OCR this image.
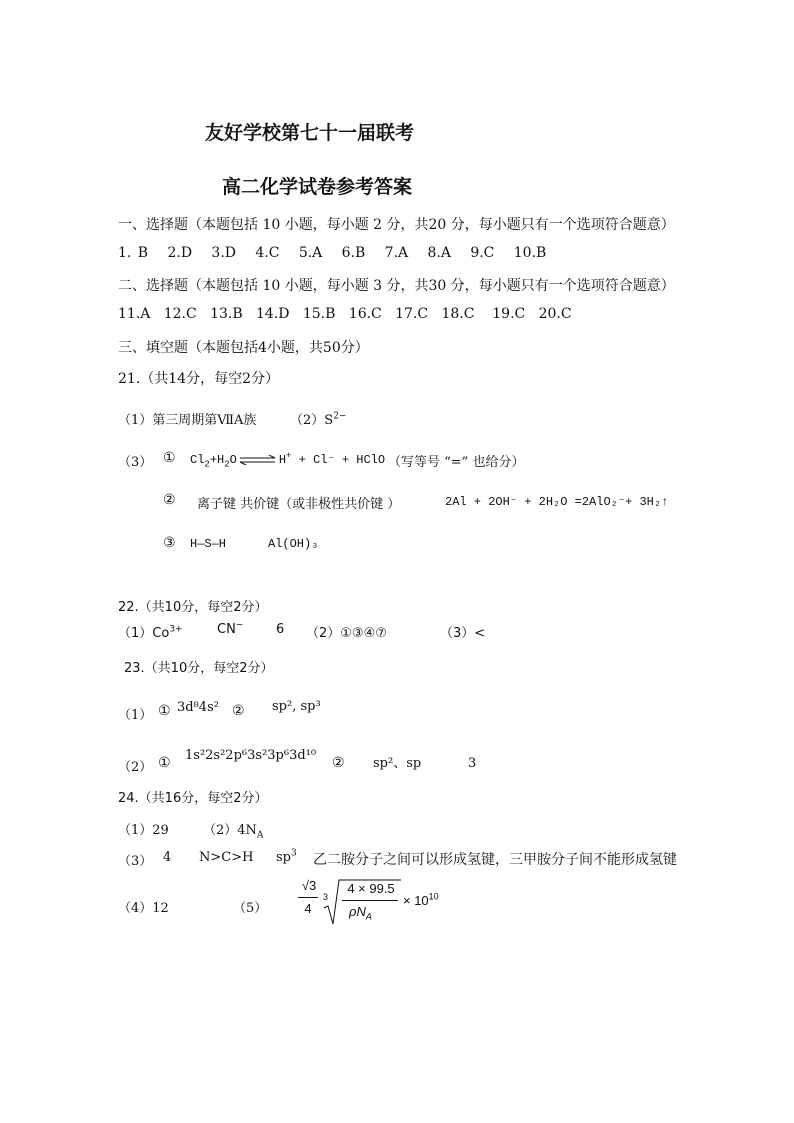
友好学校第七十一届联考
高二化学试卷参考答案
一、选择题（本题包括 10 小题，每小题 2 分，共20 分，每小题只有一个选项符合题意）
1. B 2.D 3.D 4.C 5.A 6.B 7.A 8.A 9.C 10.B
二、选择题（本题包括 10 小题，每小题 3 分，共30 分，每小题只有一个选项符合题意）
11.A 12.C 13.B 14.D 15.B 16.C 17.C 18.C 19.C 20.C
三、填空题（本题包括4小题，共50分）
21.（共14分，每空2分）
（1）第三周期第ⅦA族	$(2)S^{2-}$
（3） ① $Cl_2+H_2O$ ⇌ H+ + Cl⁻ + HClO （写等号 “=” 也给分）
② 离子键 共价键（或非极性共价键 ）	2Al + 2OH⁻ + 2H₂O =2AlO₂⁻+ 3H₂↑
③ H—S—H	Al(OH)₃
22.（共10分，每空2分）
$(1)Co^{3+}$	CN−	6 （2）①③④⑦	（3）<
23.（共10分，每空2分）
（1） ① 3d⁸4s² ② sp², sp³
（2） ① 1s²2s²2p⁶3s²3p⁶3d¹⁰ ② sp²、sp	3
24.（共16分，每空2分）
（1）29	$(2)4N_A$
（3） 4 N>C>H $sp^3$ 乙二胺分子之间可以形成氢键，三甲胺分子间不能形成氢键
（4）12	（5）
√3
4
3
4 × 99.5
$\rho N_A$
× $10^{10}$
